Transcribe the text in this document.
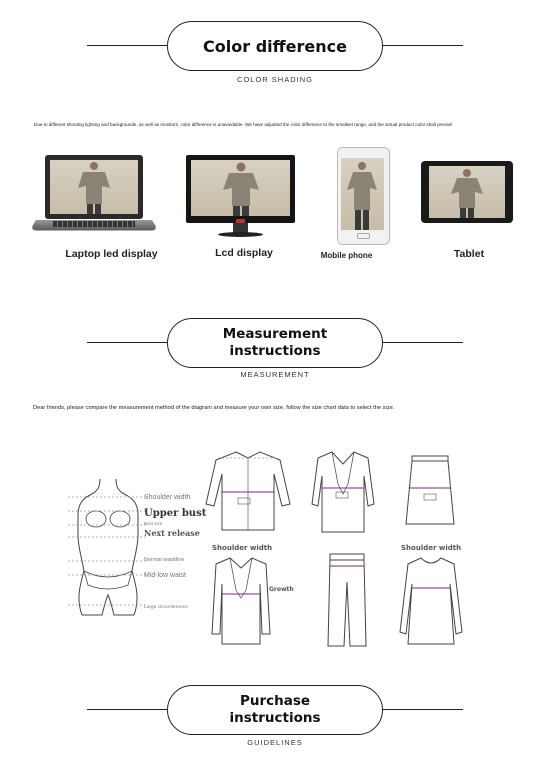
Color difference
COLOR SHADING
Due to different shooting lighting and backgrounds, as well as monitors, color difference is unavoidable. We have adjusted the color difference to the smallest range, and the actual product color shall prevail!
Laptop led display	Lcd display	Mobile phone	Tablet
Measurement
instructions
MEASUREMENT
Dear friends, please compare the measurement method of the diagram and measure your own size, follow the size chart data to select the size.
Shoulder width
Upper bust
Bust size
Next release
Normal waistline
Mid-low waist
Large circumference
Shoulder width	Shoulder width
Growth
Purchase
instructions
GUIDELINES
